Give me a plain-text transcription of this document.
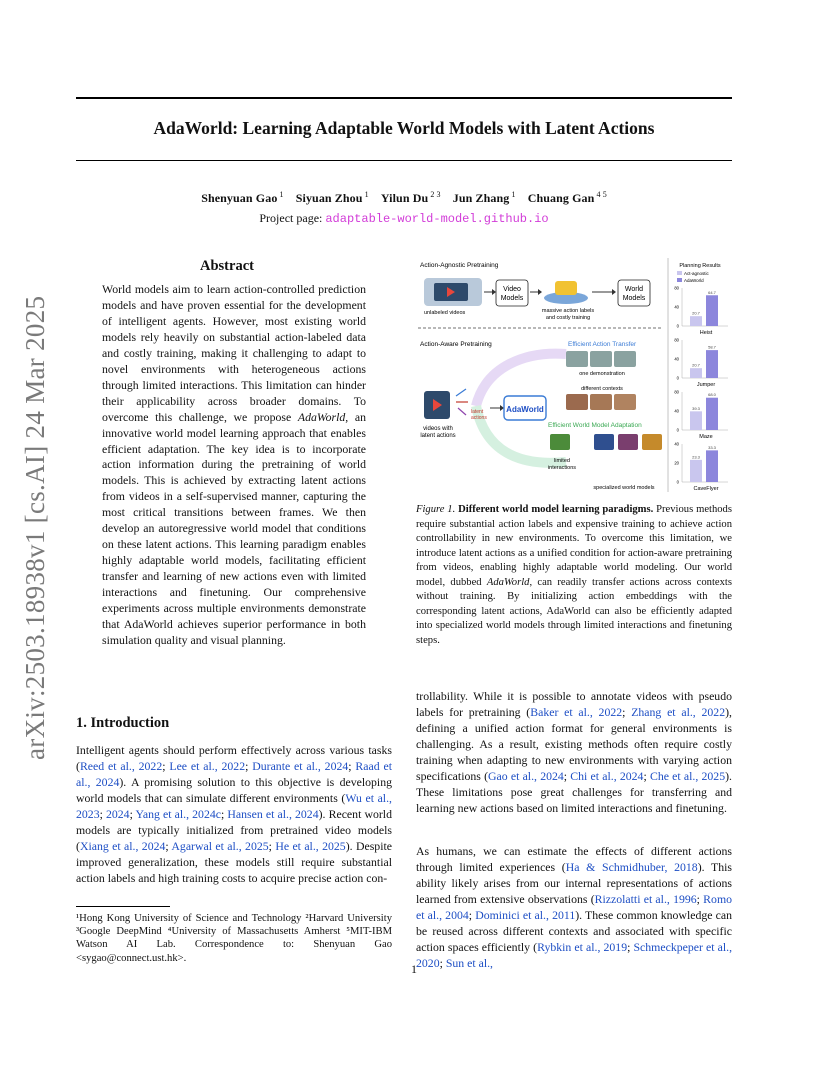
AdaWorld: Learning Adaptable World Models with Latent Actions
Shenyuan Gao $^1$  Siyuan Zhou $^1$  Yilun Du $^{2 3}$  Jun Zhang $^1$  Chuang Gan $^{4 5}$
Project page: adaptable-world-model.github.io
arXiv:2503.18938v1 [cs.AI] 24 Mar 2025
Abstract
World models aim to learn action-controlled prediction models and have proven essential for the development of intelligent agents. However, most existing world models rely heavily on substantial action-labeled data and costly training, making it challenging to adapt to novel environments with heterogeneous actions through limited interactions. This limitation can hinder their applicability across broader domains. To overcome this challenge, we propose AdaWorld, an innovative world model learning approach that enables efficient adaptation. The key idea is to incorporate action information during the pretraining of world models. This is achieved by extracting latent actions from videos in a self-supervised manner, capturing the most critical transitions between frames. We then develop an autoregressive world model that conditions on these latent actions. This learning paradigm enables highly adaptable world models, facilitating efficient transfer and learning of new actions even with limited interactions and finetuning. Our comprehensive experiments across multiple environments demonstrate that AdaWorld achieves superior performance in both simulation quality and visual planning.
1. Introduction
Intelligent agents should perform effectively across various tasks (Reed et al., 2022; Lee et al., 2022; Durante et al., 2024; Raad et al., 2024). A promising solution to this objective is developing world models that can simulate different environments (Wu et al., 2023; 2024; Yang et al., 2024c; Hansen et al., 2024). Recent world models are typically initialized from pretrained video models (Xiang et al., 2024; Agarwal et al., 2025; He et al., 2025). Despite improved generalization, these models still require substantial action labels and high training costs to acquire precise action con-
¹Hong Kong University of Science and Technology ²Harvard University ³Google DeepMind ⁴University of Massachusetts Amherst ⁵MIT-IBM Watson AI Lab. Correspondence to: Shenyuan Gao <sygao@connect.ust.hk>.
trollability. While it is possible to annotate videos with pseudo labels for pretraining (Baker et al., 2022; Zhang et al., 2022), defining a unified action format for general environments is challenging. As a result, existing methods often require costly training when adapting to new environments with varying action specifications (Gao et al., 2024; Chi et al., 2024; Che et al., 2025). These limitations pose great challenges for transferring and learning new actions based on limited interactions and finetuning.
As humans, we can estimate the effects of different actions through limited experiences (Ha & Schmidhuber, 2018). This ability likely arises from our internal representations of actions learned from extensive observations (Rizzolatti et al., 1996; Romo et al., 2004; Dominici et al., 2011). These common knowledge can be reused across different contexts and associated with specific action spaces efficiently (Rybkin et al., 2019; Schmeckpeper et al., 2020; Sun et al.,
Action-Agnostic Pretraining
unlabeled videos
Video
Models
massive action labels
and costly training
World
Models
Action-Aware Pretraining
latent
actions
videos with
latent actions
AdaWorld
Efficient Action Transfer
one demonstration
different contexts
Efficient World Model Adaptation
limited
interactions
specialized world models
Planning Results
Act-agnostic
AdaWorld
0
40
80
20.7
64.7
Heist
0
40
80
20.7
58.7
Jumper
0
40
80
39.3
68.0
Maze
0
20
40
23.3
33.3
CaveFlyer
Figure 1. Different world model learning paradigms. Previous methods require substantial action labels and expensive training to achieve action controllability in new environments. To overcome this limitation, we introduce latent actions as a unified condition for action-aware pretraining from videos, enabling highly adaptable world modeling. Our world model, dubbed AdaWorld, can readily transfer actions across contexts without training. By initializing action embeddings with the corresponding latent actions, AdaWorld can also be efficiently adapted into specialized world models through limited interactions and finetuning steps.
1
